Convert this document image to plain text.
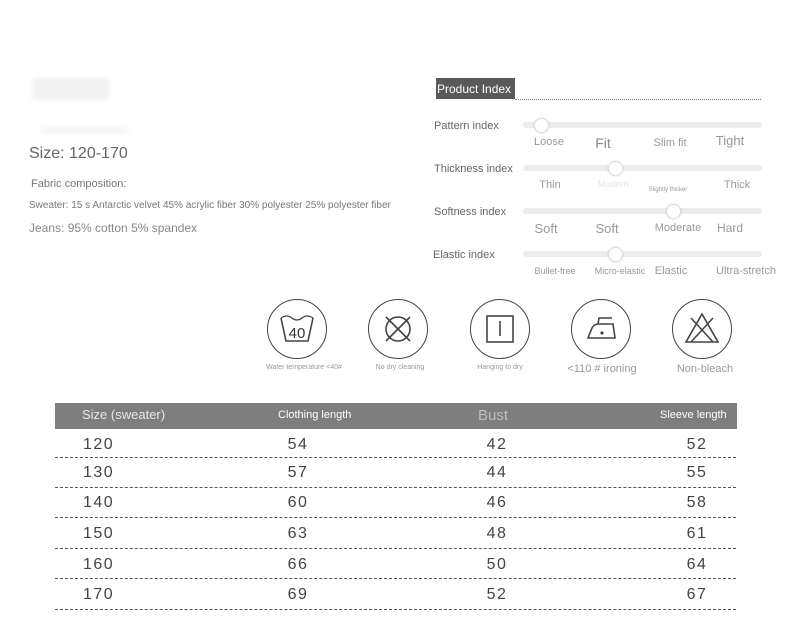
Size: 120-170
Fabric composition:
Sweater: 15 s Antarctic velvet 45% acrylic fiber 30% polyester 25% polyester fiber
Jeans: 95% cotton 5% spandex
Product Index
Pattern index
Loose Fit	Slim fit Tight
Thickness index
Thin	Modern
Slightly thicker	Thick
Softness index
Soft	Soft	Moderate Hard
Elastic index
Bullet-free Micro-elastic Elastic	Ultra-stretch
40
Water temperature <40#	No dry cleaning	Hanging to dry	<110 # ironing	Non-bleach
Size (sweater)	Clothing length	Bust	Sleeve length
120	54	42	52
130	57	44	55
140	60	46	58
150	63	48	61
160	66	50	64
170	69	52	67
